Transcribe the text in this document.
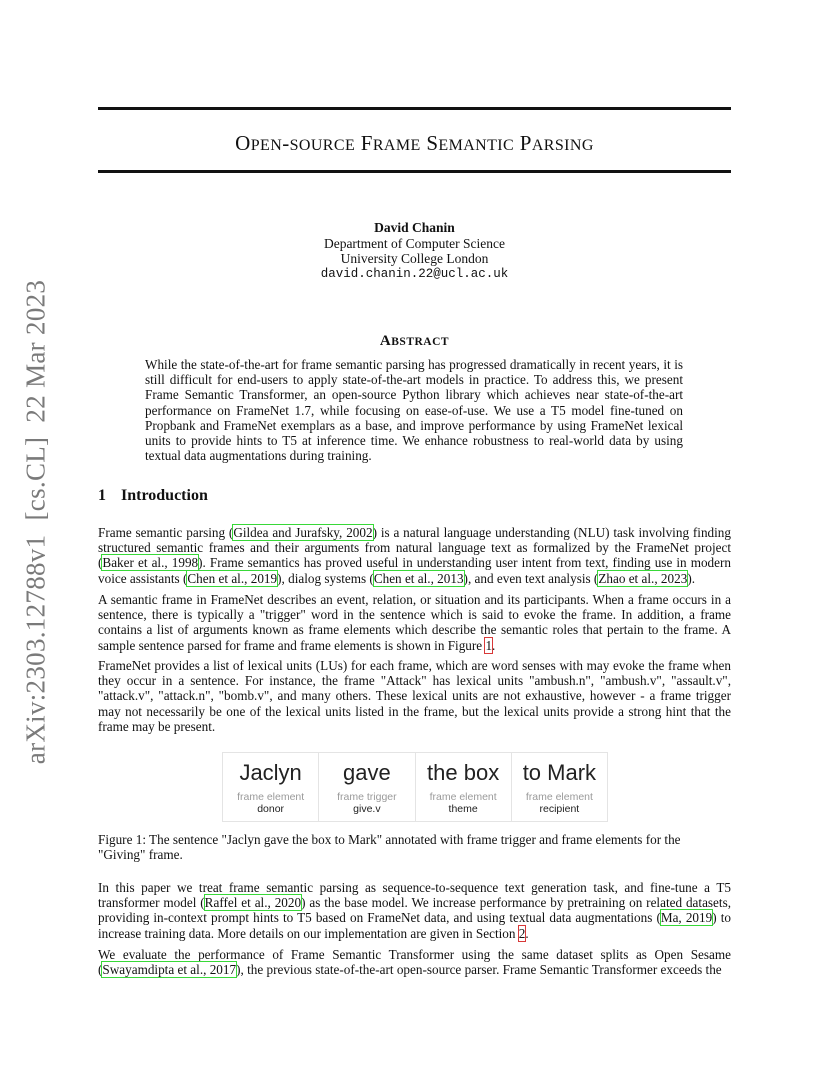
arXiv:2303.12788v1  [cs.CL]  22 Mar 2023
OPEN-SOURCE FRAME SEMANTIC PARSING
David Chanin
Department of Computer Science
University College London
david.chanin.22@ucl.ac.uk
ABSTRACT
While the state-of-the-art for frame semantic parsing has progressed dramatically in recent years, it is still difficult for end-users to apply state-of-the-art models in practice. To address this, we present Frame Semantic Transformer, an open-source Python library which achieves near state-of-the-art performance on FrameNet 1.7, while focusing on ease-of-use. We use a T5 model fine-tuned on Propbank and FrameNet exemplars as a base, and improve performance by using FrameNet lexical units to provide hints to T5 at inference time. We enhance robustness to real-world data by using textual data augmentations during training.
1 Introduction

Frame semantic parsing (Gildea and Jurafsky, 2002) is a natural language understanding (NLU) task involving finding structured semantic frames and their arguments from natural language text as formalized by the FrameNet project (Baker et al., 1998). Frame semantics has proved useful in understanding user intent from text, finding use in modern voice assistants (Chen et al., 2019), dialog systems (Chen et al., 2013), and even text analysis (Zhao et al., 2023).

A semantic frame in FrameNet describes an event, relation, or situation and its participants. When a frame occurs in a sentence, there is typically a "trigger" word in the sentence which is said to evoke the frame. In addition, a frame contains a list of arguments known as frame elements which describe the semantic roles that pertain to the frame. A sample sentence parsed for frame and frame elements is shown in Figure 1.

FrameNet provides a list of lexical units (LUs) for each frame, which are word senses with may evoke the frame when they occur in a sentence. For instance, the frame "Attack" has lexical units "ambush.n", "ambush.v", "assault.v", "attack.v", "attack.n", "bomb.v", and many others. These lexical units are not exhaustive, however - a frame trigger may not necessarily be one of the lexical units listed in the frame, but the lexical units provide a strong hint that the frame may be present.

Jaclyn
frame element
donor
gave
frame trigger
give.v
the box
frame element
theme
to Mark
frame element
recipient
Figure 1: The sentence "Jaclyn gave the box to Mark" annotated with frame trigger and frame elements for the "Giving" frame.

In this paper we treat frame semantic parsing as sequence-to-sequence text generation task, and fine-tune a T5 transformer model (Raffel et al., 2020) as the base model. We increase performance by pretraining on related datasets, providing in-context prompt hints to T5 based on FrameNet data, and using textual data augmentations (Ma, 2019) to increase training data. More details on our implementation are given in Section 2.

We evaluate the performance of Frame Semantic Transformer using the same dataset splits as Open Sesame (Swayamdipta et al., 2017), the previous state-of-the-art open-source parser. Frame Semantic Transformer exceeds the
